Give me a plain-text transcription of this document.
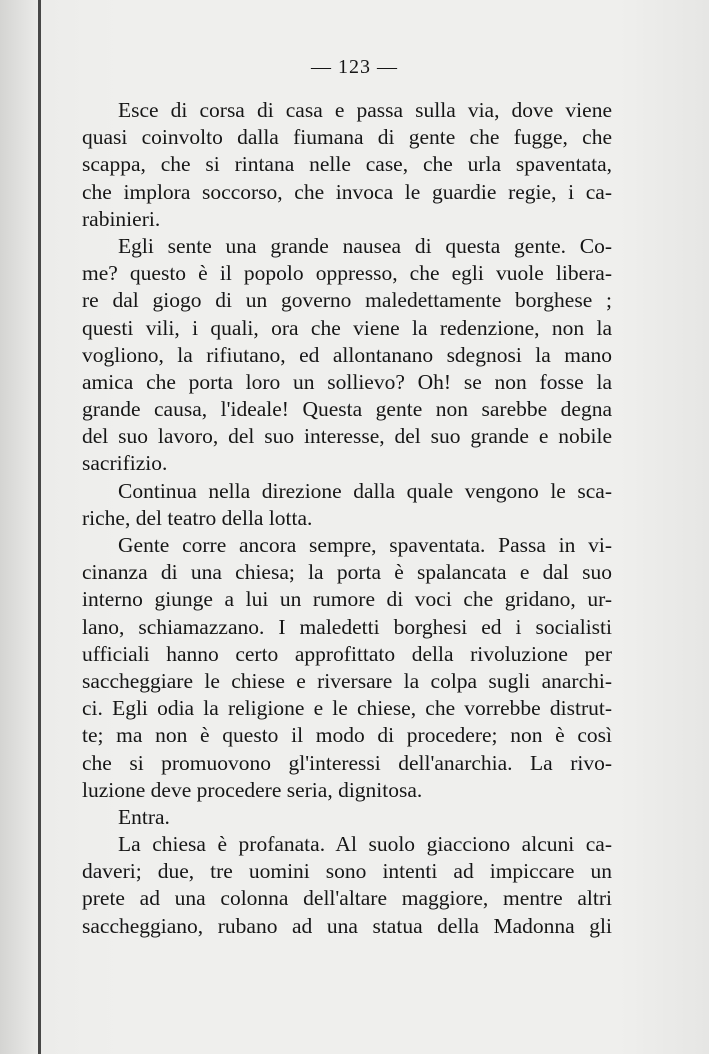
— 123 —
Esce di corsa di casa e passa sulla via, dove viene
quasi coinvolto dalla fiumana di gente che fugge, che
scappa, che si rintana nelle case, che urla spaventata,
che implora soccorso, che invoca le guardie regie, i ca-
rabinieri.
Egli sente una grande nausea di questa gente. Co-
me? questo è il popolo oppresso, che egli vuole libera-
re dal giogo di un governo maledettamente borghese ;
questi vili, i quali, ora che viene la redenzione, non la
vogliono, la rifiutano, ed allontanano sdegnosi la mano
amica che porta loro un sollievo? Oh! se non fosse la
grande causa, l'ideale! Questa gente non sarebbe degna
del suo lavoro, del suo interesse, del suo grande e nobile
sacrifizio.
Continua nella direzione dalla quale vengono le sca-
riche, del teatro della lotta.
Gente corre ancora sempre, spaventata. Passa in vi-
cinanza di una chiesa; la porta è spalancata e dal suo
interno giunge a lui un rumore di voci che gridano, ur-
lano, schiamazzano. I maledetti borghesi ed i socialisti
ufficiali hanno certo approfittato della rivoluzione per
saccheggiare le chiese e riversare la colpa sugli anarchi-
ci. Egli odia la religione e le chiese, che vorrebbe distrut-
te; ma non è questo il modo di procedere; non è così
che si promuovono gl'interessi dell'anarchia. La rivo-
luzione deve procedere seria, dignitosa.
Entra.
La chiesa è profanata. Al suolo giacciono alcuni ca-
daveri; due, tre uomini sono intenti ad impiccare un
prete ad una colonna dell'altare maggiore, mentre altri
saccheggiano, rubano ad una statua della Madonna gli
